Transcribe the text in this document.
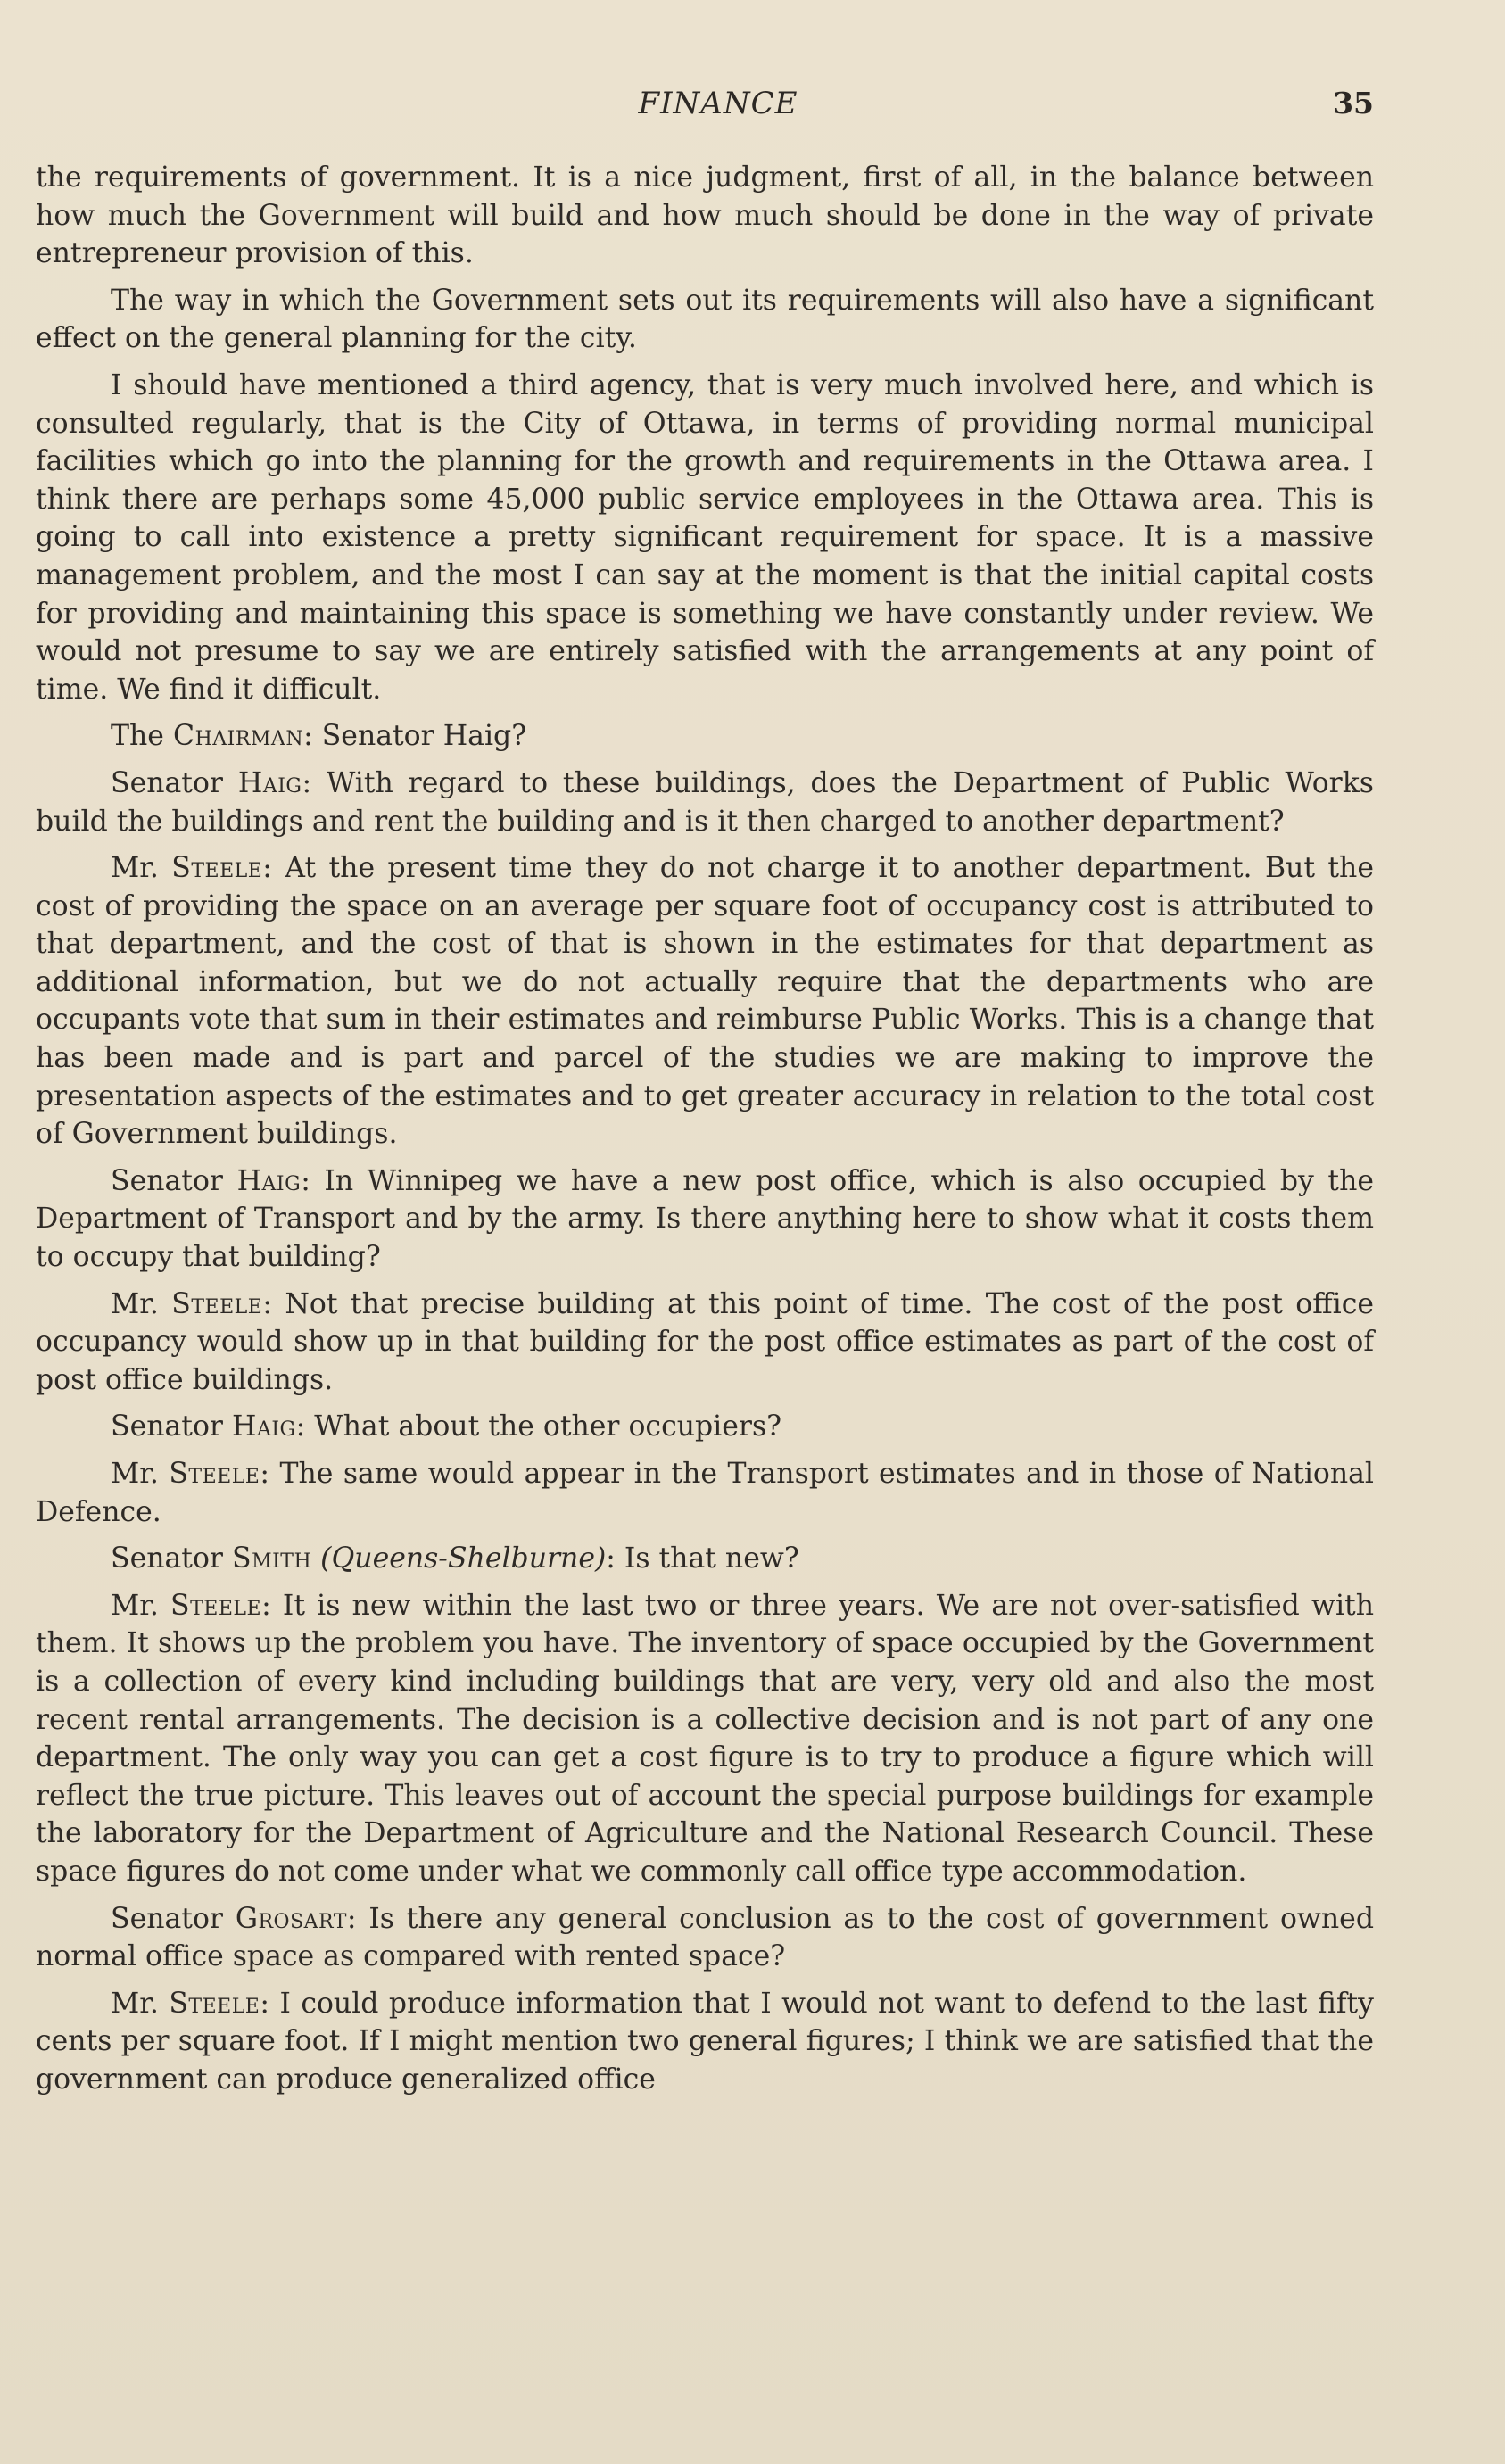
FINANCE	35

the requirements of government. It is a nice judgment, first of all, in the balance between how much the Government will build and how much should be done in the way of private entrepreneur provision of this.

The way in which the Government sets out its requirements will also have a significant effect on the general planning for the city.

I should have mentioned a third agency, that is very much involved here, and which is consulted regularly, that is the City of Ottawa, in terms of providing normal municipal facilities which go into the planning for the growth and requirements in the Ottawa area. I think there are perhaps some 45,000 public service employees in the Ottawa area. This is going to call into existence a pretty significant requirement for space. It is a massive management problem, and the most I can say at the moment is that the initial capital costs for providing and maintaining this space is something we have constantly under review. We would not presume to say we are entirely satisfied with the arrangements at any point of time. We find it difficult.

The Chairman: Senator Haig?

Senator Haig: With regard to these buildings, does the Department of Public Works build the buildings and rent the building and is it then charged to another department?

Mr. Steele: At the present time they do not charge it to another department. But the cost of providing the space on an average per square foot of occupancy cost is attributed to that department, and the cost of that is shown in the estimates for that department as additional information, but we do not actually require that the departments who are occupants vote that sum in their estimates and reimburse Public Works. This is a change that has been made and is part and parcel of the studies we are making to improve the presentation aspects of the estimates and to get greater accuracy in relation to the total cost of Government buildings.

Senator Haig: In Winnipeg we have a new post office, which is also occupied by the Department of Transport and by the army. Is there anything here to show what it costs them to occupy that building?

Mr. Steele: Not that precise building at this point of time. The cost of the post office occupancy would show up in that building for the post office estimates as part of the cost of post office buildings.

Senator Haig: What about the other occupiers?

Mr. Steele: The same would appear in the Transport estimates and in those of National Defence.

Senator Smith (Queens-Shelburne): Is that new?

Mr. Steele: It is new within the last two or three years. We are not over-satisfied with them. It shows up the problem you have. The inventory of space occupied by the Government is a collection of every kind including buildings that are very, very old and also the most recent rental arrangements. The decision is a collective decision and is not part of any one department. The only way you can get a cost figure is to try to produce a figure which will reflect the true picture. This leaves out of account the special purpose buildings for example the laboratory for the Department of Agriculture and the National Research Council. These space figures do not come under what we commonly call office type accommodation.

Senator Grosart: Is there any general conclusion as to the cost of government owned normal office space as compared with rented space?

Mr. Steele: I could produce information that I would not want to defend to the last fifty cents per square foot. If I might mention two general figures; I think we are satisfied that the government can produce generalized office
